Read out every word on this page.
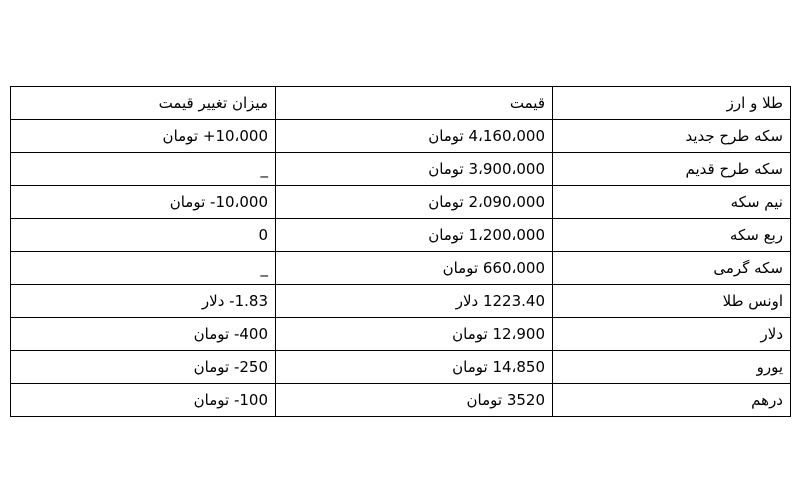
طلا و ارز	قیمت	میزان تغییر قیمت
سکه طرح جدید	4،160،000 تومان	10،000+ تومان
سکه طرح قدیم	3،900،000 تومان	_
نیم سکه	2،090،000 تومان	10،000- تومان
ربع سکه	1،200،000 تومان	0
سکه گرمی	660،000 تومان	_
اونس طلا	1223.40 دلار	1.83- دلار
دلار	12،900 تومان	400- تومان
یورو	14،850 تومان	250- تومان
درهم	3520 تومان	100- تومان
